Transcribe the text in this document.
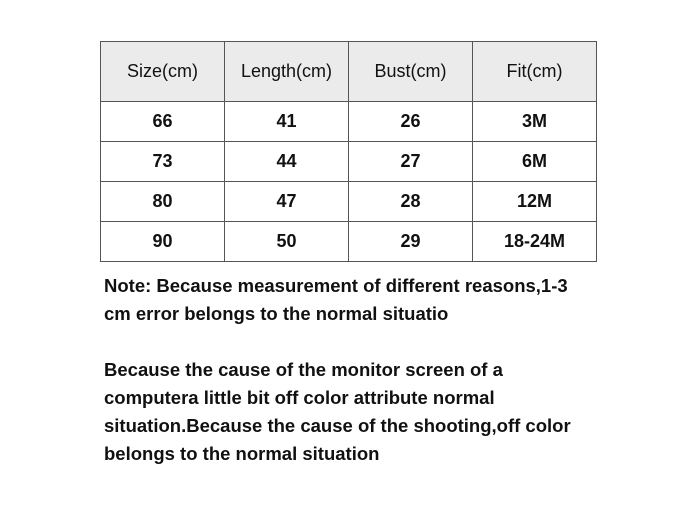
Size(cm)	Length(cm)	Bust(cm)	Fit(cm)
66	41	26	3M
73	44	27	6M
80	47	28	12M
90	50	29	18-24M

Note: Because measurement of different reasons,1-3 cm error belongs to the normal situatio

Because the cause of the monitor screen of a computera little bit off color attribute normal situation.Because the cause of the shooting,off color belongs to the normal situation
